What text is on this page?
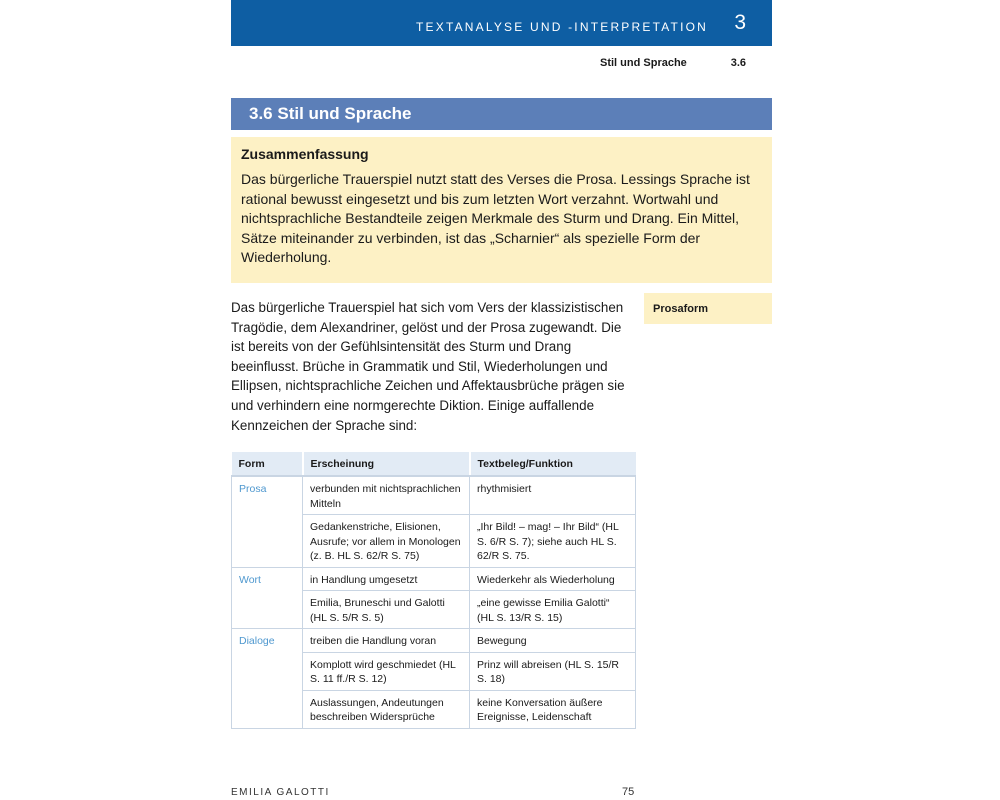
TEXTANALYSE UND -INTERPRETATION 3
Stil und Sprache	3.6
3.6 Stil und Sprache
Zusammenfassung

Das bürgerliche Trauerspiel nutzt statt des Verses die Prosa. Lessings Sprache ist rational bewusst eingesetzt und bis zum letzten Wort verzahnt. Wortwahl und nichtsprachliche Bestandteile zeigen Merkmale des Sturm und Drang. Ein Mittel, Sätze miteinander zu verbinden, ist das „Scharnier“ als spezielle Form der Wiederholung.

Das bürgerliche Trauerspiel hat sich vom Vers der klassizistischen Tragödie, dem Alexandriner, gelöst und der Prosa zugewandt. Die ist bereits von der Gefühlsintensität des Sturm und Drang beeinflusst. Brüche in Grammatik und Stil, Wiederholungen und Ellipsen, nichtsprachliche Zeichen und Affektausbrüche prägen sie und verhindern eine normgerechte Diktion. Einige auffallende Kennzeichen der Sprache sind:

Prosaform
Form	Erscheinung	Textbeleg/Funktion
Prosa	verbunden mit nichtsprachlichen Mitteln	rhythmisiert
	Gedankenstriche, Elisionen, Ausrufe; vor allem in Monologen (z. B. HL S. 62/R S. 75)	„Ihr Bild! – mag! – Ihr Bild“ (HL S. 6/R S. 7); siehe auch HL S. 62/R S. 75.
Wort	in Handlung umgesetzt	Wiederkehr als Wiederholung
	Emilia, Bruneschi und Galotti (HL S. 5/R S. 5)	„eine gewisse Emilia Galotti“ (HL S. 13/R S. 15)
Dialoge	treiben die Handlung voran	Bewegung
	Komplott wird geschmiedet (HL S. 11 ff./R S. 12)	Prinz will abreisen (HL S. 15/R S. 18)
	Auslassungen, Andeutungen beschreiben Widersprüche	keine Konversation äußere Ereignisse, Leidenschaft
EMILIA GALOTTI	75
